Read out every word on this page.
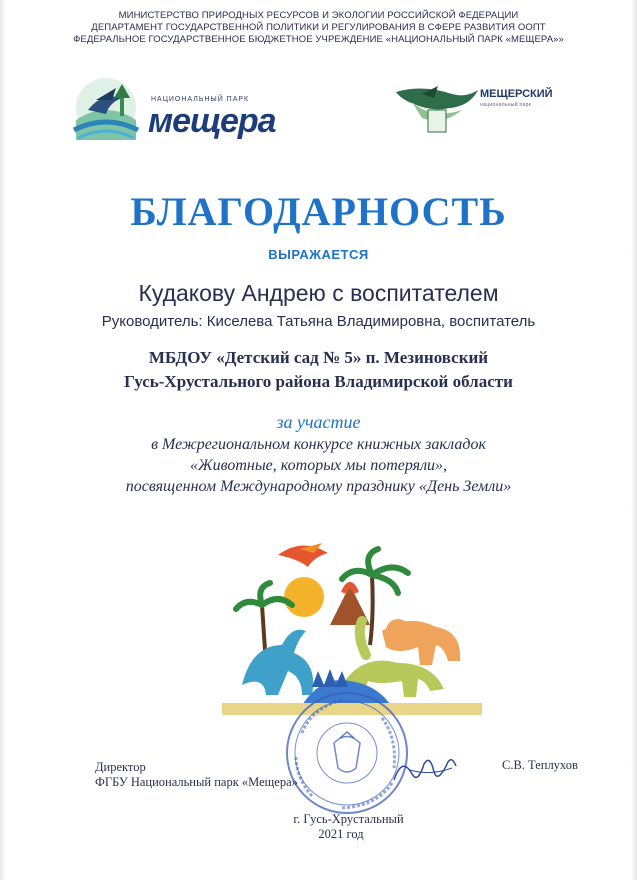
МИНИСТЕРСТВО ПРИРОДНЫХ РЕСУРСОВ И ЭКОЛОГИИ РОССИЙСКОЙ ФЕДЕРАЦИИ
ДЕПАРТАМЕНТ ГОСУДАРСТВЕННОЙ ПОЛИТИКИ И РЕГУЛИРОВАНИЯ В СФЕРЕ РАЗВИТИЯ ООПТ
ФЕДЕРАЛЬНОЕ ГОСУДАРСТВЕННОЕ БЮДЖЕТНОЕ УЧРЕЖДЕНИЕ «НАЦИОНАЛЬНЫЙ ПАРК «МЕЩЕРА»»
НАЦИОНАЛЬНЫЙ ПАРК
мещера
МЕЩЕРСКИЙ
национальный парк
БЛАГОДАРНОСТЬ
ВЫРАЖАЕТСЯ
Кудакову Андрею с воспитателем
Руководитель: Киселева Татьяна Владимировна, воспитатель
МБДОУ «Детский сад № 5» п. Мезиновский
Гусь-Хрустального района Владимирской области
за участие
в Межрегиональном конкурсе книжных закладок
«Животные, которых мы потеряли»,
посвященном Международному празднику «День Земли»
Директор
ФГБУ Национальный парк «Мещера»
С.В. Теплухов
г. Гусь-Хрустальный
2021 год
